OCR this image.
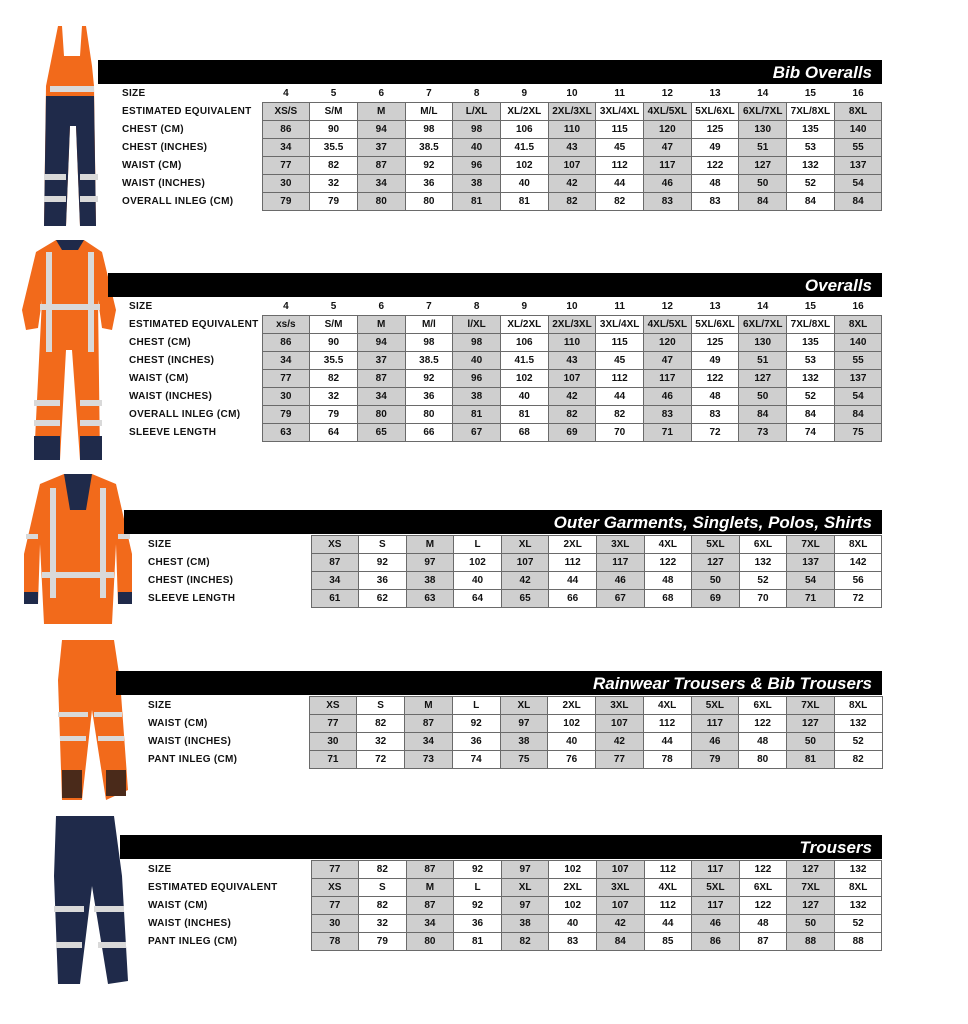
Bib Overalls
SIZE	4	5	6	7	8	9	10	11	12	13	14	15	16
ESTIMATED EQUIVALENT	XS/S	S/M	M	M/L	L/XL	XL/2XL	2XL/3XL	3XL/4XL	4XL/5XL	5XL/6XL	6XL/7XL	7XL/8XL	8XL
CHEST (CM)	86	90	94	98	98	106	110	115	120	125	130	135	140
CHEST (INCHES)	34	35.5	37	38.5	40	41.5	43	45	47	49	51	53	55
WAIST (CM)	77	82	87	92	96	102	107	112	117	122	127	132	137
WAIST (INCHES)	30	32	34	36	38	40	42	44	46	48	50	52	54
OVERALL INLEG (CM)	79	79	80	80	81	81	82	82	83	83	84	84	84
Overalls
SIZE	4	5	6	7	8	9	10	11	12	13	14	15	16
ESTIMATED EQUIVALENT	xs/s	S/M	M	M/l	l/XL	XL/2XL	2XL/3XL	3XL/4XL	4XL/5XL	5XL/6XL	6XL/7XL	7XL/8XL	8XL
CHEST (CM)	86	90	94	98	98	106	110	115	120	125	130	135	140
CHEST (INCHES)	34	35.5	37	38.5	40	41.5	43	45	47	49	51	53	55
WAIST (CM)	77	82	87	92	96	102	107	112	117	122	127	132	137
WAIST (INCHES)	30	32	34	36	38	40	42	44	46	48	50	52	54
OVERALL INLEG (CM)	79	79	80	80	81	81	82	82	83	83	84	84	84
SLEEVE LENGTH	63	64	65	66	67	68	69	70	71	72	73	74	75
Outer Garments, Singlets, Polos, Shirts
SIZE	XS	S	M	L	XL	2XL	3XL	4XL	5XL	6XL	7XL	8XL
CHEST (CM)	87	92	97	102	107	112	117	122	127	132	137	142
CHEST (INCHES)	34	36	38	40	42	44	46	48	50	52	54	56
SLEEVE LENGTH	61	62	63	64	65	66	67	68	69	70	71	72
Rainwear Trousers & Bib Trousers
SIZE	XS	S	M	L	XL	2XL	3XL	4XL	5XL	6XL	7XL	8XL
WAIST (CM)	77	82	87	92	97	102	107	112	117	122	127	132
WAIST (INCHES)	30	32	34	36	38	40	42	44	46	48	50	52
PANT INLEG (CM)	71	72	73	74	75	76	77	78	79	80	81	82
Trousers
SIZE	77	82	87	92	97	102	107	112	117	122	127	132
ESTIMATED EQUIVALENT	XS	S	M	L	XL	2XL	3XL	4XL	5XL	6XL	7XL	8XL
WAIST (CM)	77	82	87	92	97	102	107	112	117	122	127	132
WAIST (INCHES)	30	32	34	36	38	40	42	44	46	48	50	52
PANT INLEG (CM)	78	79	80	81	82	83	84	85	86	87	88	88
